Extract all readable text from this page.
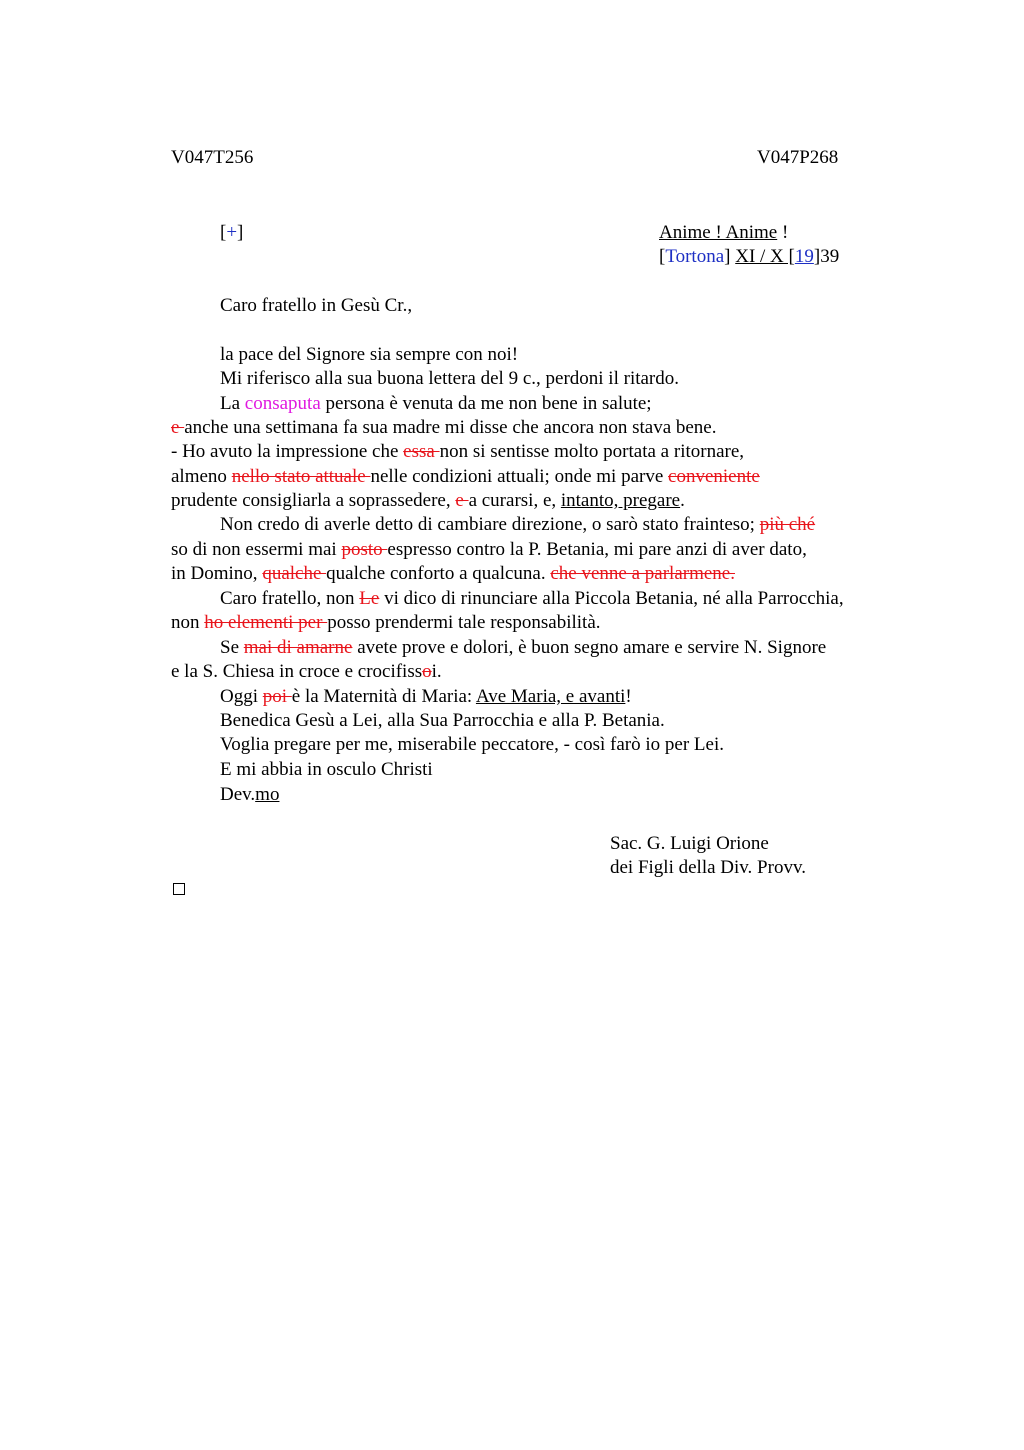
V047T256	V047P268
[+]	Anime ! Anime !
[Tortona] XI / X [19]39
Caro fratello in Gesù Cr.,
la pace del Signore sia sempre con noi!
Mi riferisco alla sua buona lettera del 9 c., perdoni il ritardo.
La consaputa persona è venuta da me non bene in salute;
e anche una settimana fa sua madre mi disse che ancora non stava bene.
- Ho avuto la impressione che essa non si sentisse molto portata a ritornare,
almeno nello stato attuale nelle condizioni attuali; onde mi parve conveniente
prudente consigliarla a soprassedere, e a curarsi, e, intanto, pregare.
Non credo di averle detto di cambiare direzione, o sarò stato frainteso; più ché
so di non essermi mai posto espresso contro la P. Betania, mi pare anzi di aver dato,
in Domino, qualche qualche conforto a qualcuna. che venne a parlarmene.
Caro fratello, non Le vi dico di rinunciare alla Piccola Betania, né alla Parrocchia,
non ho elementi per posso prendermi tale responsabilità.
Se mai di amarne avete prove e dolori, è buon segno amare e servire N. Signore
e la S. Chiesa in croce e crocifissoi.
Oggi poi è la Maternità di Maria: Ave Maria, e avanti!
Benedica Gesù a Lei, alla Sua Parrocchia e alla P. Betania.
Voglia pregare per me, miserabile peccatore, - così farò io per Lei.
E mi abbia in osculo Christi
Dev.mo
Sac. G. Luigi Orione
dei Figli della Div. Provv.
